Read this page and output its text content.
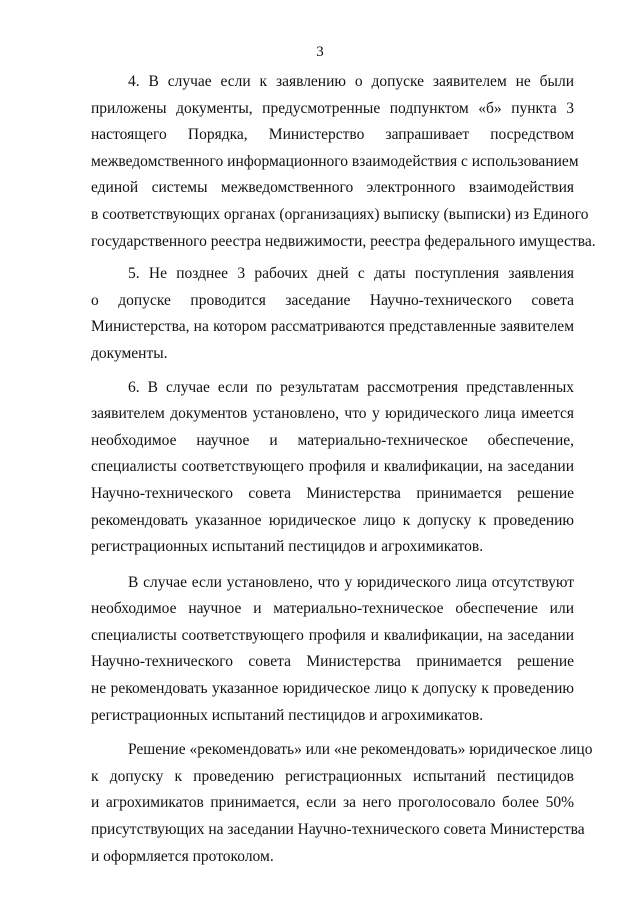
3

4. В случае если к заявлению о допуске заявителем не были
приложены документы, предусмотренные подпунктом «б» пункта 3
настоящего Порядка, Министерство запрашивает посредством
межведомственного информационного взаимодействия с использованием
единой системы межведомственного электронного взаимодействия
в соответствующих органах (организациях) выписку (выписки) из Единого
государственного реестра недвижимости, реестра федерального имущества.

5. Не позднее 3 рабочих дней с даты поступления заявления
о допуске проводится заседание Научно-технического совета
Министерства, на котором рассматриваются представленные заявителем
документы.

6. В случае если по результатам рассмотрения представленных
заявителем документов установлено, что у юридического лица имеется
необходимое научное и материально-техническое обеспечение,
специалисты соответствующего профиля и квалификации, на заседании
Научно-технического совета Министерства принимается решение
рекомендовать указанное юридическое лицо к допуску к проведению
регистрационных испытаний пестицидов и агрохимикатов.

В случае если установлено, что у юридического лица отсутствуют
необходимое научное и материально-техническое обеспечение или
специалисты соответствующего профиля и квалификации, на заседании
Научно-технического совета Министерства принимается решение
не рекомендовать указанное юридическое лицо к допуску к проведению
регистрационных испытаний пестицидов и агрохимикатов.

Решение «рекомендовать» или «не рекомендовать» юридическое лицо
к допуску к проведению регистрационных испытаний пестицидов
и агрохимикатов принимается, если за него проголосовало более 50%
присутствующих на заседании Научно-технического совета Министерства
и оформляется протоколом.
